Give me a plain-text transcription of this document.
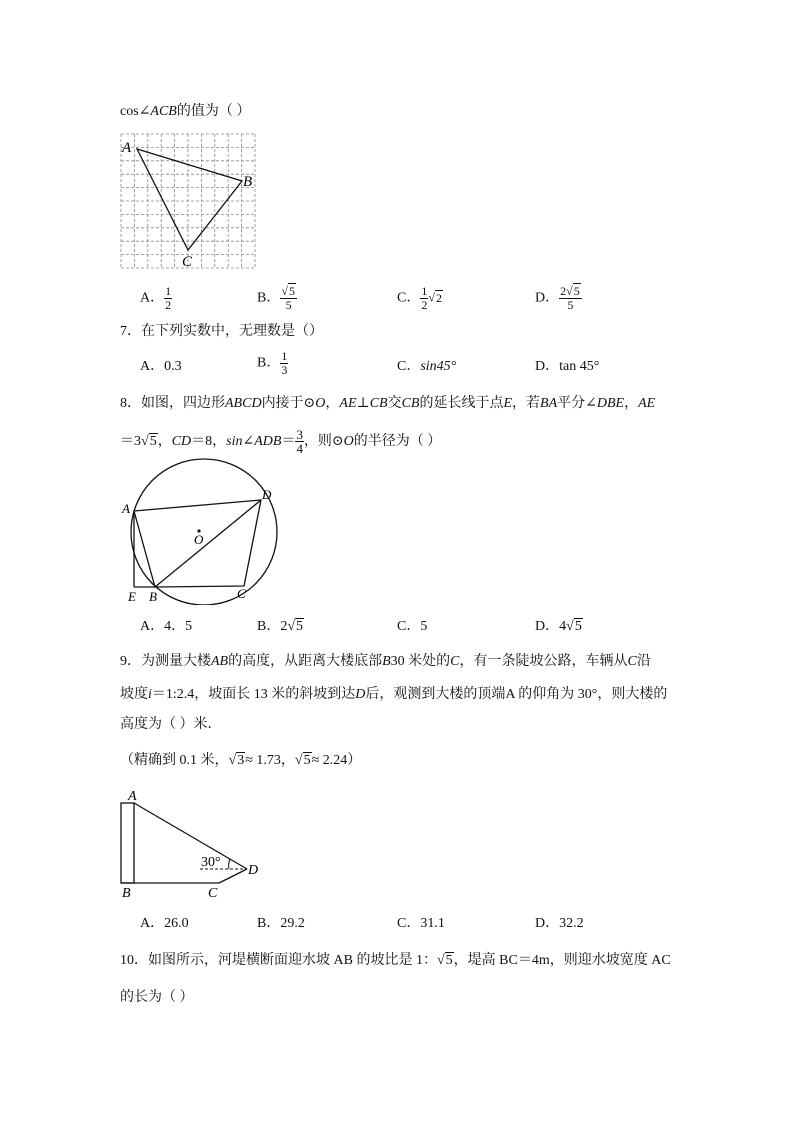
cos∠ACB的值为（ ）
A
B
C
A． $\frac{1}{2}$	B． $\frac{√5}{5}$	C． $\frac{1}{2} √2$	D． $\frac{2√5}{5}$
7．在下列实数中，无理数是（）
A．0.3	B． $\frac{1}{3}$	C．sin45°	D．tan 45°
8．如图，四边形ABCD内接于⊙O，AE⊥CB交CB的延长线于点E，若BA平分∠DBE，AE
＝3√5，CD＝8，sin∠ADB＝ $\frac{3}{4}$ ，则⊙O的半径为（ ）
A
D
O
E B	C
A．4．5	B．2√5	C．5	D．4√5
9．为测量大楼AB的高度，从距离大楼底部B30 米处的C，有一条陡坡公路，车辆从C沿
坡度i＝1:2.4，坡面长 13 米的斜坡到达D后，观测到大楼的顶端A 的仰角为 30°，则大楼的
高度为（ ）米．
（精确到 0.1 米，√3≈ 1.73，√5≈ 2.24）
30°
A
B	C
D
A．26.0	B．29.2	C．31.1	D．32.2
10．如图所示，河堤横断面迎水坡 AB 的坡比是 1：√5，堤高 BC＝4m，则迎水坡宽度 AC
的长为（ ）
